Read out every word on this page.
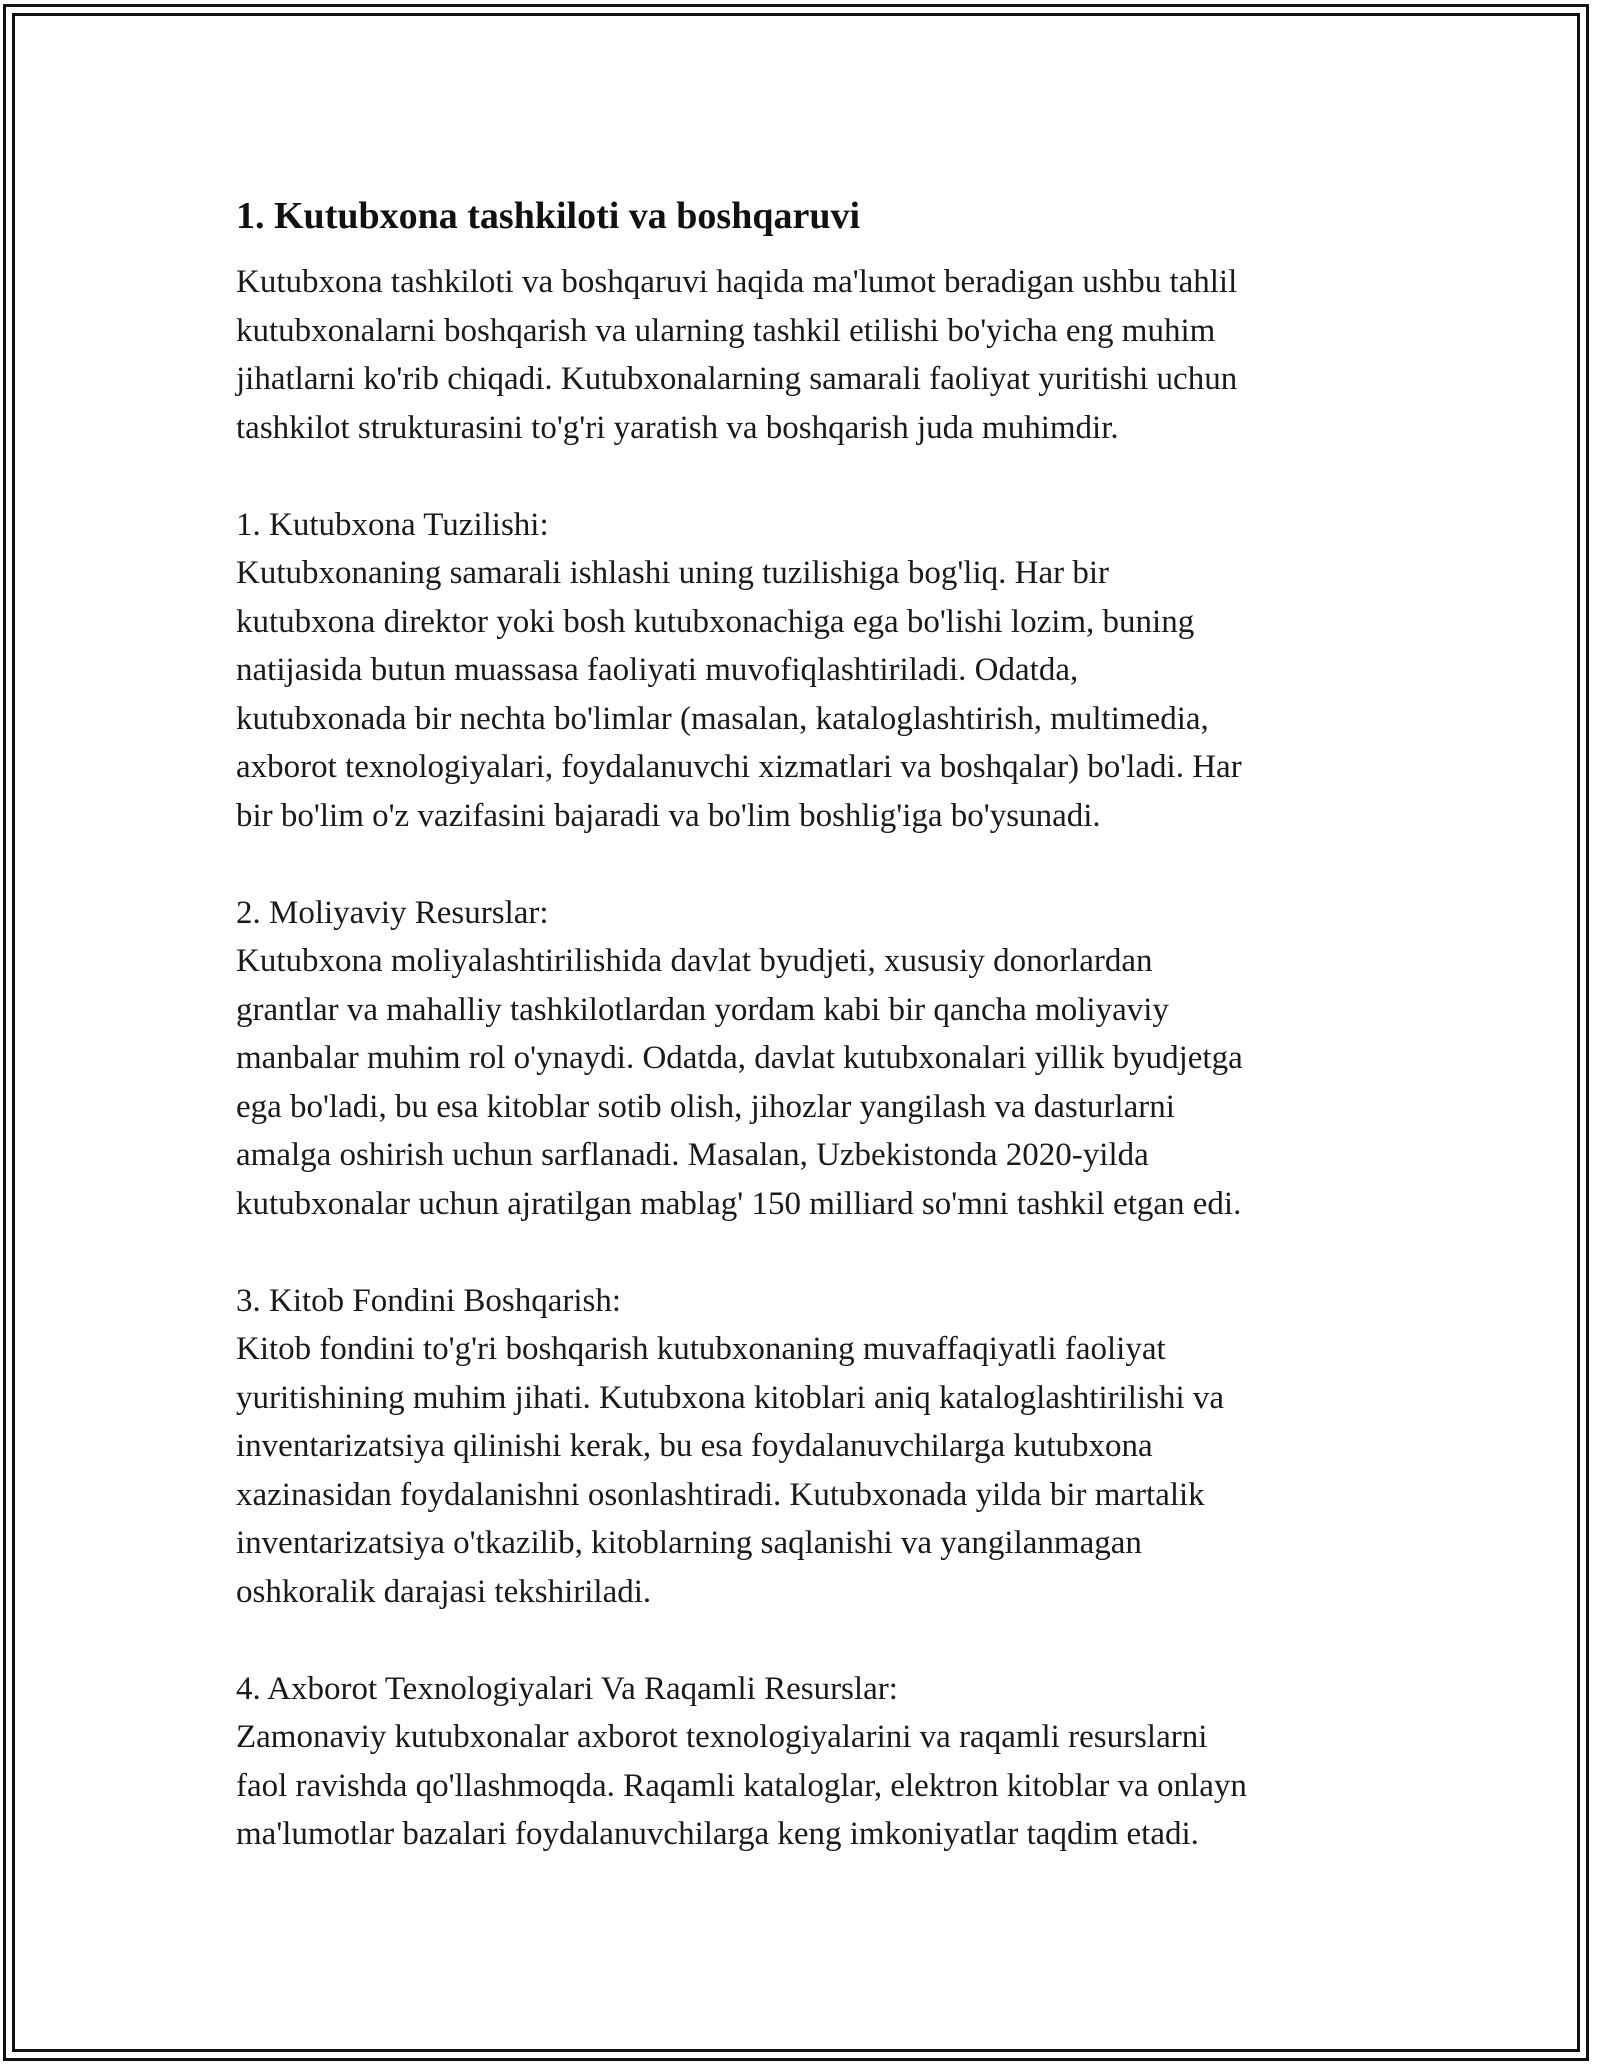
1. Kutubxona tashkiloti va boshqaruvi

Kutubxona tashkiloti va boshqaruvi haqida ma'lumot beradigan ushbu tahlil
kutubxonalarni boshqarish va ularning tashkil etilishi bo'yicha eng muhim
jihatlarni ko'rib chiqadi. Kutubxonalarning samarali faoliyat yuritishi uchun
tashkilot strukturasini to'g'ri yaratish va boshqarish juda muhimdir.

1. Kutubxona Tuzilishi:

Kutubxonaning samarali ishlashi uning tuzilishiga bog'liq. Har bir
kutubxona direktor yoki bosh kutubxonachiga ega bo'lishi lozim, buning
natijasida butun muassasa faoliyati muvofiqlashtiriladi. Odatda,
kutubxonada bir nechta bo'limlar (masalan, kataloglashtirish, multimedia,
axborot texnologiyalari, foydalanuvchi xizmatlari va boshqalar) bo'ladi. Har
bir bo'lim o'z vazifasini bajaradi va bo'lim boshlig'iga bo'ysunadi.

2. Moliyaviy Resurslar:

Kutubxona moliyalashtirilishida davlat byudjeti, xususiy donorlardan
grantlar va mahalliy tashkilotlardan yordam kabi bir qancha moliyaviy
manbalar muhim rol o'ynaydi. Odatda, davlat kutubxonalari yillik byudjetga
ega bo'ladi, bu esa kitoblar sotib olish, jihozlar yangilash va dasturlarni
amalga oshirish uchun sarflanadi. Masalan, Uzbekistonda 2020-yilda
kutubxonalar uchun ajratilgan mablag' 150 milliard so'mni tashkil etgan edi.

3. Kitob Fondini Boshqarish:

Kitob fondini to'g'ri boshqarish kutubxonaning muvaffaqiyatli faoliyat
yuritishining muhim jihati. Kutubxona kitoblari aniq kataloglashtirilishi va
inventarizatsiya qilinishi kerak, bu esa foydalanuvchilarga kutubxona
xazinasidan foydalanishni osonlashtiradi. Kutubxonada yilda bir martalik
inventarizatsiya o'tkazilib, kitoblarning saqlanishi va yangilanmagan
oshkoralik darajasi tekshiriladi.

4. Axborot Texnologiyalari Va Raqamli Resurslar:

Zamonaviy kutubxonalar axborot texnologiyalarini va raqamli resurslarni
faol ravishda qo'llashmoqda. Raqamli kataloglar, elektron kitoblar va onlayn
ma'lumotlar bazalari foydalanuvchilarga keng imkoniyatlar taqdim etadi.
